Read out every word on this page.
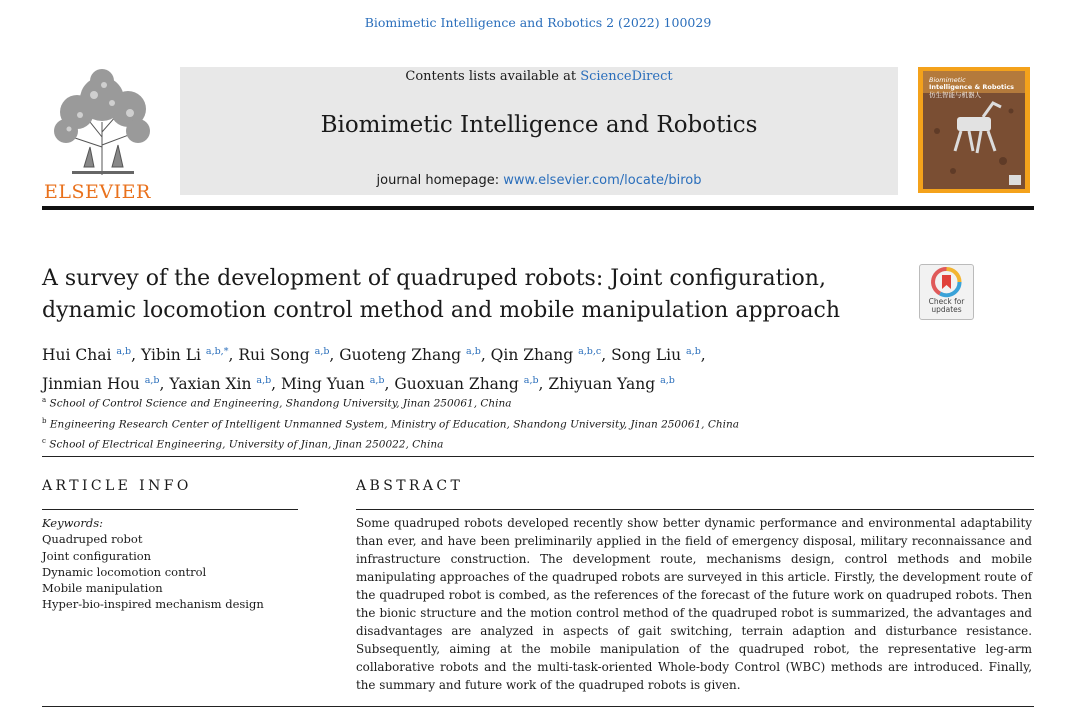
Biomimetic Intelligence and Robotics 2 (2022) 100029
ELSEVIER
Contents lists available at ScienceDirect
Biomimetic Intelligence and Robotics
journal homepage: www.elsevier.com/locate/birob
Biomimetic
Intelligence & Robotics
仿生智能与机器人
A survey of the development of quadruped robots: Joint configuration,
dynamic locomotion control method and mobile manipulation approach	Check for
updates
Hui Chai $^{a,b}$, Yibin Li $^{a,b,*}$, Rui Song $^{a,b}$, Guoteng Zhang $^{a,b}$, Qin Zhang $^{a,b,c}$, Song Liu $^{a,b}$,
Jinmian Hou $^{a,b}$, Yaxian Xin $^{a,b}$, Ming Yuan $^{a,b}$, Guoxuan Zhang $^{a,b}$, Zhiyuan Yang $^{a,b}$
$^a$ School of Control Science and Engineering, Shandong University, Jinan 250061, China
$^b$ Engineering Research Center of Intelligent Unmanned System, Ministry of Education, Shandong University, Jinan 250061, China
$^c$ School of Electrical Engineering, University of Jinan, Jinan 250022, China
ARTICLE INFO	ABSTRACT
Keywords:
Quadruped robot
Joint configuration
Dynamic locomotion control
Mobile manipulation
Hyper-bio-inspired mechanism design
Some quadruped robots developed recently show better dynamic performance and environmental adaptability than ever, and have been preliminarily applied in the field of emergency disposal, military reconnaissance and infrastructure construction. The development route, mechanisms design, control methods and mobile manipulating approaches of the quadruped robots are surveyed in this article. Firstly, the development route of the quadruped robot is combed, as the references of the forecast of the future work on quadruped robots. Then the bionic structure and the motion control method of the quadruped robot is summarized, the advantages and disadvantages are analyzed in aspects of gait switching, terrain adaption and disturbance resistance. Subsequently, aiming at the mobile manipulation of the quadruped robot, the representative leg-arm collaborative robots and the multi-task-oriented Whole-body Control (WBC) methods are introduced. Finally, the summary and future work of the quadruped robots is given.
